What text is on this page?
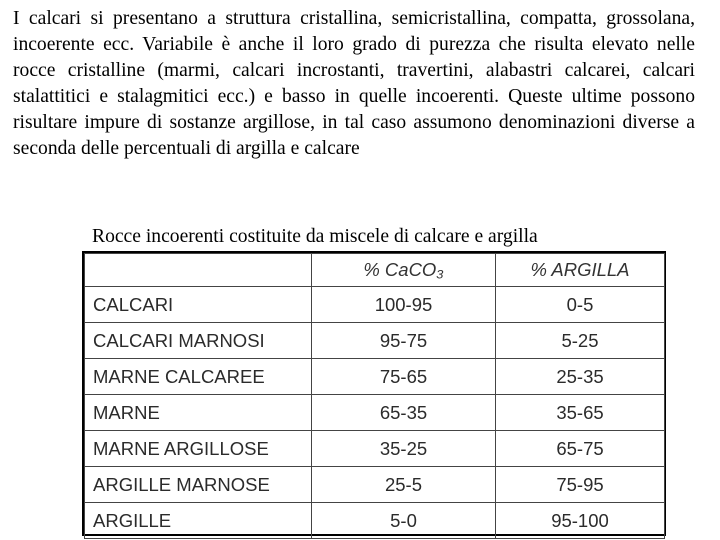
I calcari si presentano a struttura cristallina, semicristallina, compatta, grossolana, incoerente ecc. Variabile è anche il loro grado di purezza che risulta elevato nelle rocce cristalline (marmi, calcari incrostanti, travertini, alabastri calcarei, calcari stalattitici e stalagmitici ecc.) e basso in quelle incoerenti. Queste ultime possono risultare impure di sostanze argillose, in tal caso assumono denominazioni diverse a seconda delle percentuali di argilla e calcare

Rocce incoerenti costituite da miscele di calcare e argilla

	% CaCO₃	% ARGILLA
CALCARI	100-95	0-5
CALCARI MARNOSI	95-75	5-25
MARNE CALCAREE	75-65	25-35
MARNE	65-35	35-65
MARNE ARGILLOSE	35-25	65-75
ARGILLE MARNOSE	25-5	75-95
ARGILLE	5-0	95-100
